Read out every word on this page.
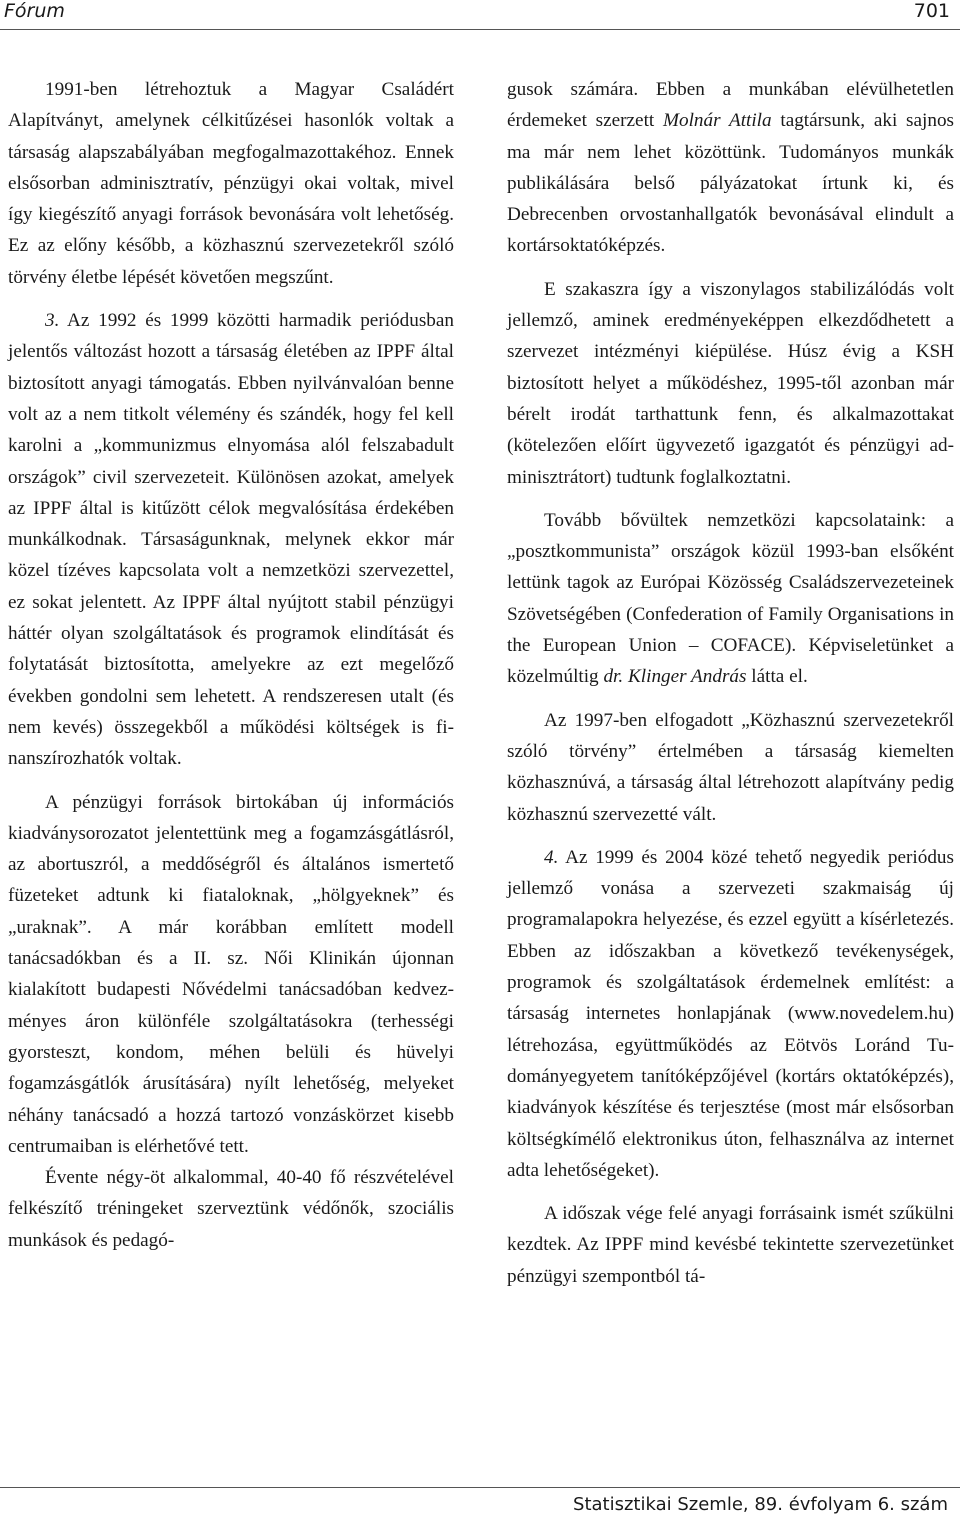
Fórum	701

1991-ben létrehoztuk a Magyar Családért Alapítványt, amelynek célkitűzései hasonlók voltak a társaság alapszabályában megfogalmazottakéhoz. Ennek elsősorban adminisztratív, pénzügyi okai voltak, mivel így kiegészítő anyagi források bevonására volt lehetőség. Ez az előny később, a közhasznú szervezetekről szóló törvény életbe lépését követően megszűnt.

3. Az 1992 és 1999 közötti harmadik periódusban jelentős változást hozott a társaság életében az IPPF által biztosított anyagi támogatás. Ebben nyilvánvalóan benne volt az a nem titkolt vélemény és szándék, hogy fel kell karolni a „kommunizmus elnyomása alól felszabadult országok” civil szervezeteit. Különösen azokat, amelyek az IPPF által is kitűzött célok megvalósítása érdekében munkálkodnak. Társaságunknak, melynek ekkor már közel tízéves kapcsolata volt a nemzetközi szervezettel, ez sokat jelentett. Az IPPF által nyújtott stabil pénzügyi háttér olyan szolgáltatások és programok elindítását és folytatását biztosította, amelyekre az ezt megelőző években gondolni sem lehetett. A rendszeresen utalt (és nem kevés) összegekből a működési költségek is finanszírozhatók voltak.

A pénzügyi források birtokában új információs kiadványsorozatot jelentettünk meg a fogamzásgátlásról, az abortuszról, a meddőségről és általános ismertető füzeteket adtunk ki fiataloknak, „hölgyeknek” és „uraknak”. A már korábban említett modell tanácsadókban és a II. sz. Női Klinikán újonnan kialakított budapesti Nővédelmi tanácsadóban kedvezményes áron különféle szolgáltatásokra (terhességi gyorsteszt, kondom, méhen belüli és hüvelyi fogamzásgátlók árusítására) nyílt lehetőség, melyeket néhány tanácsadó a hozzá tartozó vonzáskörzet kisebb centrumaiban is elérhetővé tett.

Évente négy-öt alkalommal, 40-40 fő részvételével felkészítő tréningeket szerveztünk védőnők, szociális munkások és pedagó-

gusok számára. Ebben a munkában elévülhetetlen érdemeket szerzett Molnár Attila tagtársunk, aki sajnos ma már nem lehet közöttünk. Tudományos munkák publikálására belső pályázatokat írtunk ki, és Debrecenben orvostanhallgatók bevonásával elindult a kortársoktatóképzés.

E szakaszra így a viszonylagos stabilizálódás volt jellemző, aminek eredményeképpen elkezdődhetett a szervezet intézményi kiépülése. Húsz évig a KSH biztosított helyet a működéshez, 1995-től azonban már bérelt irodát tarthattunk fenn, és alkalmazottakat (kötelezően előírt ügyvezető igazgatót és pénzügyi adminisztrátort) tudtunk foglalkoztatni.

Tovább bővültek nemzetközi kapcsolataink: a „posztkommunista” országok közül 1993-ban elsőként lettünk tagok az Európai Közösség Családszervezeteinek Szövetségében (Confederation of Family Organisations in the European Union – COFACE). Képviseletünket a közelmúltig dr. Klinger András látta el.

Az 1997-ben elfogadott „Közhasznú szervezetekről szóló törvény” értelmében a társaság kiemelten közhasznúvá, a társaság által létrehozott alapítvány pedig közhasznú szervezetté vált.

4. Az 1999 és 2004 közé tehető negyedik periódus jellemző vonása a szervezeti szakmaiság új programalapokra helyezése, és ezzel együtt a kísérletezés. Ebben az időszakban a következő tevékenységek, programok és szolgáltatások érdemelnek említést: a társaság internetes honlapjának (www.novedelem.hu) létrehozása, együttműködés az Eötvös Loránd Tudományegyetem tanítóképzőjével (kortárs oktatóképzés), kiadványok készítése és terjesztése (most már elsősorban költségkímélő elektronikus úton, felhasználva az internet adta lehetőségeket).

A időszak vége felé anyagi forrásaink ismét szűkülni kezdtek. Az IPPF mind kevésbé tekintette szervezetünket pénzügyi szempontból tá-

Statisztikai Szemle, 89. évfolyam 6. szám
